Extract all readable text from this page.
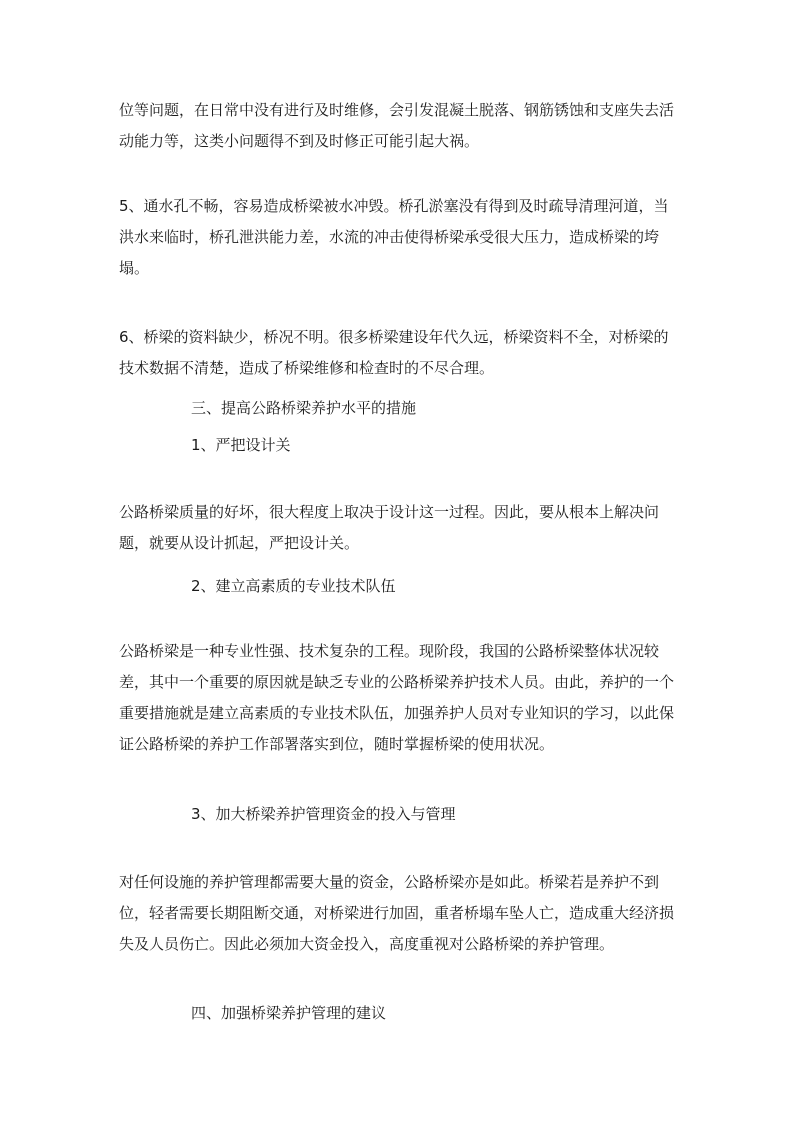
位等问题，在日常中没有进行及时维修，会引发混凝土脱落、钢筋锈蚀和支座失去活动能力等，这类小问题得不到及时修正可能引起大祸。

5、通水孔不畅，容易造成桥梁被水冲毁。桥孔淤塞没有得到及时疏导清理河道，当洪水来临时，桥孔泄洪能力差，水流的冲击使得桥梁承受很大压力，造成桥梁的垮塌。

6、桥梁的资料缺少，桥况不明。很多桥梁建设年代久远，桥梁资料不全，对桥梁的技术数据不清楚，造成了桥梁维修和检查时的不尽合理。

三、提高公路桥梁养护水平的措施

1、严把设计关

公路桥梁质量的好坏，很大程度上取决于设计这一过程。因此，要从根本上解决问题，就要从设计抓起，严把设计关。

2、建立高素质的专业技术队伍

公路桥梁是一种专业性强、技术复杂的工程。现阶段，我国的公路桥梁整体状况较差，其中一个重要的原因就是缺乏专业的公路桥梁养护技术人员。由此，养护的一个重要措施就是建立高素质的专业技术队伍，加强养护人员对专业知识的学习，以此保证公路桥梁的养护工作部署落实到位，随时掌握桥梁的使用状况。

3、加大桥梁养护管理资金的投入与管理

对任何设施的养护管理都需要大量的资金，公路桥梁亦是如此。桥梁若是养护不到位，轻者需要长期阻断交通，对桥梁进行加固，重者桥塌车坠人亡，造成重大经济损失及人员伤亡。因此必须加大资金投入，高度重视对公路桥梁的养护管理。

四、加强桥梁养护管理的建议
